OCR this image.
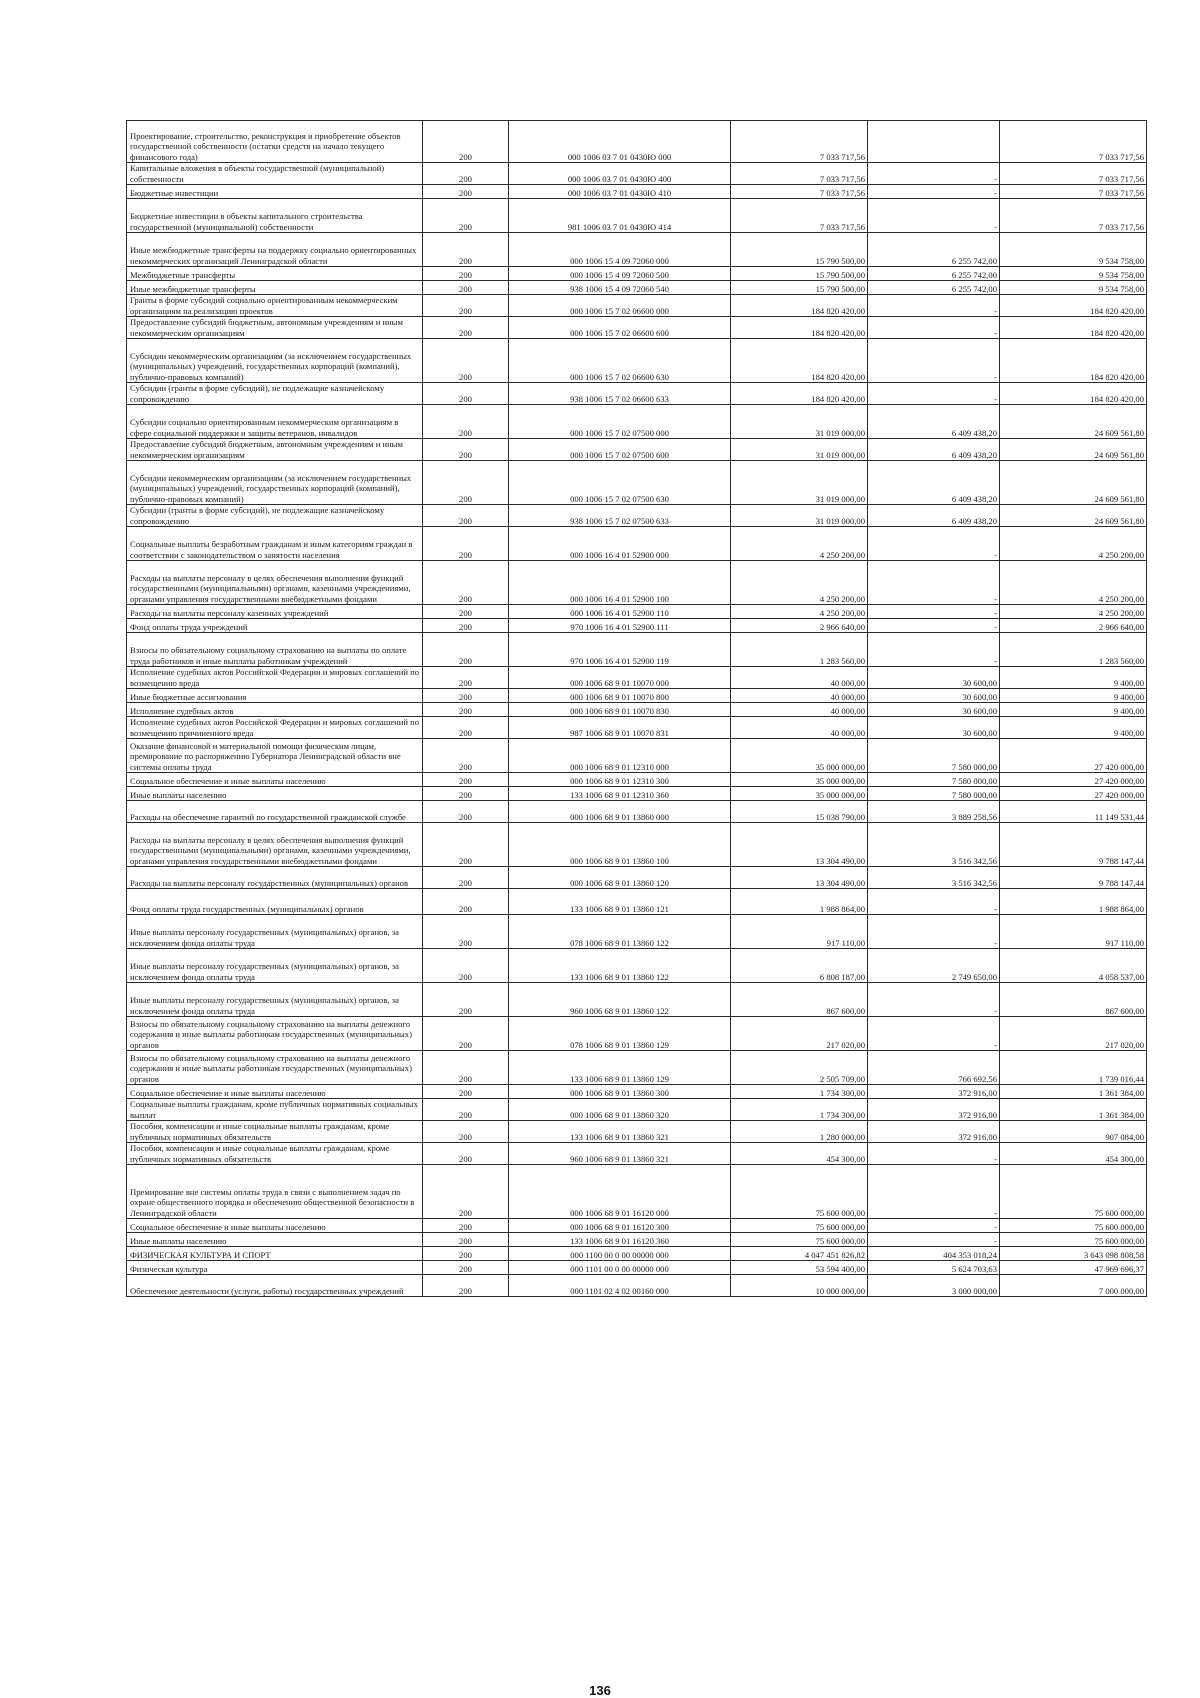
Проектирование, строительство, реконструкция и приобретение объектов государственной собственности (остатки средств на начало текущего финансового года)	200	000 1006 03 7 01 0430Ю 000	7 033 717,56		7 033 717,56
Капитальные вложения в объекты государственной (муниципальной) собственности	200	000 1006 03 7 01 0430Ю 400	7 033 717,56	-	7 033 717,56
Бюджетные инвестиции	200	000 1006 03 7 01 0430Ю 410	7 033 717,56	-	7 033 717,56
Бюджетные инвестиции в объекты капитального строительства государственной (муниципальной) собственности	200	981 1006 03 7 01 0430Ю 414	7 033 717,56	-	7 033 717,56
Иные межбюджетные трансферты на поддержку социально ориентированных некоммерческих организаций Ленинградской области	200	000 1006 15 4 09 72060 000	15 790 500,00	6 255 742,00	9 534 758,00
Межбюджетные трансферты	200	000 1006 15 4 09 72060 500	15 790 500,00	6 255 742,00	9 534 758,00
Иные межбюджетные трансферты	200	938 1006 15 4 09 72060 540	15 790 500,00	6 255 742,00	9 534 758,00
Гранты в форме субсидий социально ориентированным некоммерческим организациям на реализацию проектов	200	000 1006 15 7 02 06600 000	184 820 420,00	-	184 820 420,00
Предоставление субсидий бюджетным, автономным учреждениям и иным некоммерческим организациям	200	000 1006 15 7 02 06600 600	184 820 420,00	-	184 820 420,00
Субсидии некоммерческим организациям (за исключением государственных (муниципальных) учреждений, государственных корпораций (компаний), публично-правовых компаний)	200	000 1006 15 7 02 06600 630	184 820 420,00	-	184 820 420,00
Субсидии (гранты в форме субсидий), не подлежащие казначейскому сопровождению	200	938 1006 15 7 02 06600 633	184 820 420,00	-	184 820 420,00
Субсидии социально ориентированным некоммерческим организациям в сфере социальной поддержки и защиты ветеранов, инвалидов	200	000 1006 15 7 02 07500 000	31 019 000,00	6 409 438,20	24 609 561,80
Предоставление субсидий бюджетным, автономным учреждениям и иным некоммерческим организациям	200	000 1006 15 7 02 07500 600	31 019 000,00	6 409 438,20	24 609 561,80
Субсидии некоммерческим организациям (за исключением государственных (муниципальных) учреждений, государственных корпораций (компаний), публично-правовых компаний)	200	000 1006 15 7 02 07500 630	31 019 000,00	6 409 438,20	24 609 561,80
Субсидии (гранты в форме субсидий), не подлежащие казначейскому сопровождению	200	938 1006 15 7 02 07500 633	31 019 000,00	6 409 438,20	24 609 561,80
Социальные выплаты безработным гражданам и иным категориям граждан в соответствии с законодательством о занятости населения	200	000 1006 16 4 01 52900 000	4 250 200,00	-	4 250 200,00
Расходы на выплаты персоналу в целях обеспечения выполнения функций государственными (муниципальными) органами, казенными учреждениями, органами управления государственными внебюджетными фондами	200	000 1006 16 4 01 52900 100	4 250 200,00	-	4 250 200,00
Расходы на выплаты персоналу казенных учреждений	200	000 1006 16 4 01 52900 110	4 250 200,00	-	4 250 200,00
Фонд оплаты труда учреждений	200	970 1006 16 4 01 52900 111	2 966 640,00	-	2 966 640,00
Взносы по обязательному социальному страхованию на выплаты по оплате труда работников и иные выплаты работникам учреждений	200	970 1006 16 4 01 52900 119	1 283 560,00	-	1 283 560,00
Исполнение судебных актов Российской Федерации и мировых соглашений по возмещению вреда	200	000 1006 68 9 01 10070 000	40 000,00	30 600,00	9 400,00
Иные бюджетные ассигнования	200	000 1006 68 9 01 10070 800	40 000,00	30 600,00	9 400,00
Исполнение судебных актов	200	000 1006 68 9 01 10070 830	40 000,00	30 600,00	9 400,00
Исполнение судебных актов Российской Федерации и мировых соглашений по возмещению причиненного вреда	200	987 1006 68 9 01 10070 831	40 000,00	30 600,00	9 400,00
Оказание финансовой и материальной помощи физическим лицам, премирование по распоряжению Губернатора Ленинградской области вне системы оплаты труда	200	000 1006 68 9 01 12310 000	35 000 000,00	7 580 000,00	27 420 000,00
Социальное обеспечение и иные выплаты населению	200	000 1006 68 9 01 12310 300	35 000 000,00	7 580 000,00	27 420 000,00
Иные выплаты населению	200	133 1006 68 9 01 12310 360	35 000 000,00	7 580 000,00	27 420 000,00
Расходы на обеспечение гарантий по государственной гражданской службе	200	000 1006 68 9 01 13860 000	15 038 790,00	3 889 258,56	11 149 531,44
Расходы на выплаты персоналу в целях обеспечения выполнения функций государственными (муниципальными) органами, казенными учреждениями, органами управления государственными внебюджетными фондами	200	000 1006 68 9 01 13860 100	13 304 490,00	3 516 342,56	9 788 147,44
Расходы на выплаты персоналу государственных (муниципальных) органов	200	000 1006 68 9 01 13860 120	13 304 490,00	3 516 342,56	9 788 147,44
Фонд оплаты труда государственных (муниципальных) органов	200	133 1006 68 9 01 13860 121	1 988 864,00	-	1 988 864,00
Иные выплаты персоналу государственных (муниципальных) органов, за исключением фонда оплаты труда	200	078 1006 68 9 01 13860 122	917 110,00	-	917 110,00
Иные выплаты персоналу государственных (муниципальных) органов, за исключением фонда оплаты труда	200	133 1006 68 9 01 13860 122	6 808 187,00	2 749 650,00	4 058 537,00
Иные выплаты персоналу государственных (муниципальных) органов, за исключением фонда оплаты труда	200	960 1006 68 9 01 13860 122	867 600,00	-	867 600,00
Взносы по обязательному социальному страхованию на выплаты денежного содержания и иные выплаты работникам государственных (муниципальных) органов	200	078 1006 68 9 01 13860 129	217 020,00	-	217 020,00
Взносы по обязательному социальному страхованию на выплаты денежного содержания и иные выплаты работникам государственных (муниципальных) органов	200	133 1006 68 9 01 13860 129	2 505 709,00	766 692,56	1 739 016,44
Социальное обеспечение и иные выплаты населению	200	000 1006 68 9 01 13860 300	1 734 300,00	372 916,00	1 361 384,00
Социальные выплаты гражданам, кроме публичных нормативных социальных выплат	200	000 1006 68 9 01 13860 320	1 734 300,00	372 916,00	1 361 384,00
Пособия, компенсации и иные социальные выплаты гражданам, кроме публичных нормативных обязательств	200	133 1006 68 9 01 13860 321	1 280 000,00	372 916,00	907 084,00
Пособия, компенсации и иные социальные выплаты гражданам, кроме публичных нормативных обязательств	200	960 1006 68 9 01 13860 321	454 300,00	-	454 300,00
Премирование вне системы оплаты труда в связи с выполнением задач по охране общественного порядка и обеспечению общественной безопасности в Ленинградской области	200	000 1006 68 9 01 16120 000	75 600 000,00	-	75 600 000,00
Социальное обеспечение и иные выплаты населению	200	000 1006 68 9 01 16120 300	75 600 000,00	-	75 600 000,00
Иные выплаты населению	200	133 1006 68 9 01 16120 360	75 600 000,00	-	75 600 000,00
ФИЗИЧЕСКАЯ КУЛЬТУРА И СПОРТ	200	000 1100 00 0 00 00000 000	4 047 451 826,82	404 353 018,24	3 643 098 808,58
Физическая культура	200	000 1101 00 0 00 00000 000	53 594 400,00	5 624 703,63	47 969 696,37
Обеспечение деятельности (услуги, работы) государственных учреждений	200	000 1101 02 4 02 00160 000	10 000 000,00	3 000 000,00	7 000 000,00
136
